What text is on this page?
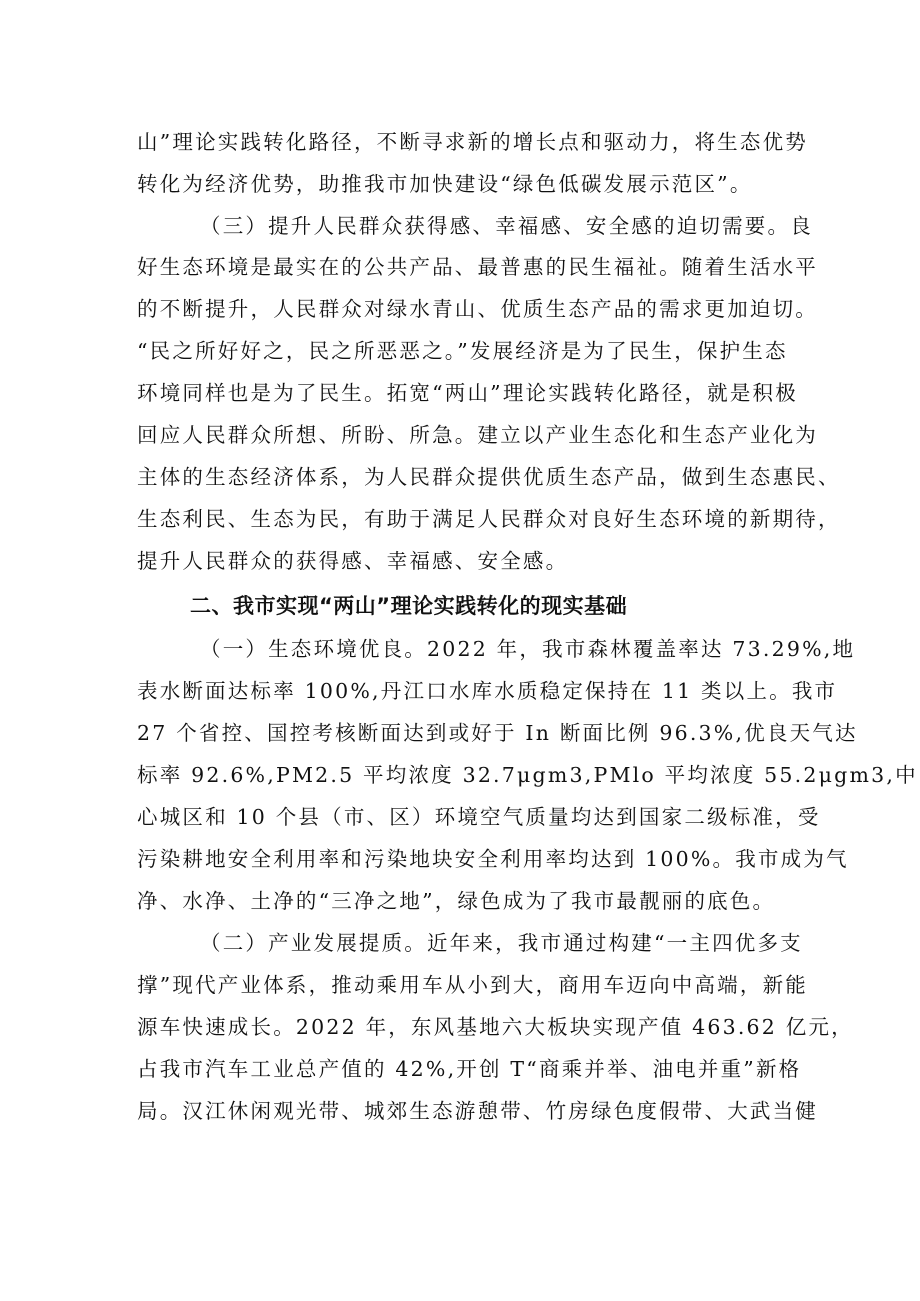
山”理论实践转化路径，不断寻求新的增长点和驱动力，将生态优势
转化为经济优势，助推我市加快建设“绿色低碳发展示范区”。
（三）提升人民群众获得感、幸福感、安全感的迫切需要。良
好生态环境是最实在的公共产品、最普惠的民生福祉。随着生活水平
的不断提升，人民群众对绿水青山、优质生态产品的需求更加迫切。
“民之所好好之，民之所恶恶之。”发展经济是为了民生，保护生态
环境同样也是为了民生。拓宽“两山”理论实践转化路径，就是积极
回应人民群众所想、所盼、所急。建立以产业生态化和生态产业化为
主体的生态经济体系，为人民群众提供优质生态产品，做到生态惠民、
生态利民、生态为民，有助于满足人民群众对良好生态环境的新期待，
提升人民群众的获得感、幸福感、安全感。
二、我市实现“两山”理论实践转化的现实基础
（一）生态环境优良。2022 年，我市森林覆盖率达 73.29%,地
表水断面达标率 100%,丹江口水库水质稳定保持在 11 类以上。我市
27 个省控、国控考核断面达到或好于 In 断面比例 96.3%,优良天气达
标率 92.6%,PM2.5 平均浓度 32.7μgm3,PMlo 平均浓度 55.2μgm3,中
心城区和 10 个县（市、区）环境空气质量均达到国家二级标准，受
污染耕地安全利用率和污染地块安全利用率均达到 100%。我市成为气
净、水净、土净的“三净之地”，绿色成为了我市最靓丽的底色。
（二）产业发展提质。近年来，我市通过构建“一主四优多支
撑”现代产业体系，推动乘用车从小到大，商用车迈向中高端，新能
源车快速成长。2022 年，东风基地六大板块实现产值 463.62 亿元，
占我市汽车工业总产值的 42%,开创 T“商乘并举、油电并重”新格
局。汉江休闲观光带、城郊生态游憩带、竹房绿色度假带、大武当健
